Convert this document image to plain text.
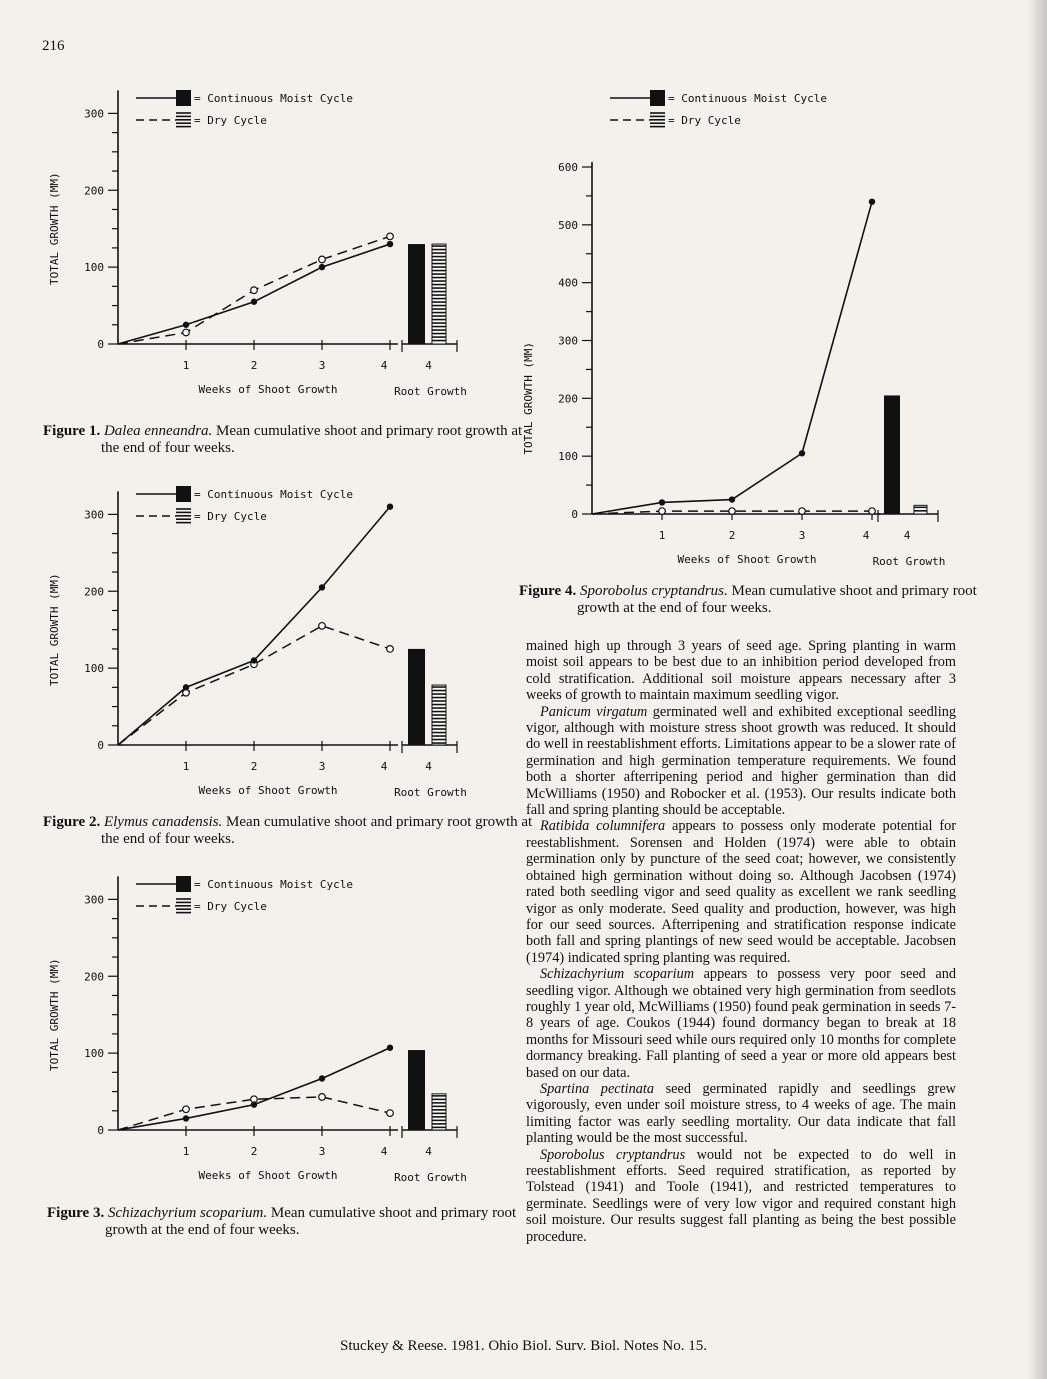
216
0
100
200
300
TOTAL GROWTH (MM)
1	2	3	4
Weeks of Shoot Growth
4
Root Growth
= Continuous Moist Cycle
= Dry Cycle
Figure 1. Dalea enneandra. Mean cumulative shoot and primary root growth at the end of four weeks.
0
100
200
300
TOTAL GROWTH (MM)
1	2	3	4
Weeks of Shoot Growth
4
Root Growth
= Continuous Moist Cycle
= Dry Cycle
Figure 2. Elymus canadensis. Mean cumulative shoot and primary root growth at the end of four weeks.
0
100
200
300
TOTAL GROWTH (MM)
1	2	3	4
Weeks of Shoot Growth
4
Root Growth
= Continuous Moist Cycle
= Dry Cycle
Figure 3. Schizachyrium scoparium. Mean cumulative shoot and primary root growth at the end of four weeks.
0
100
200
300
400
500
600
TOTAL GROWTH (MM)
1	2	3	4
Weeks of Shoot Growth
4
Root Growth
= Continuous Moist Cycle
= Dry Cycle
Figure 4. Sporobolus cryptandrus. Mean cumulative shoot and primary root growth at the end of four weeks.

mained high up through 3 years of seed age. Spring planting in warm moist soil appears to be best due to an inhibition period developed from cold stratification. Additional soil moisture appears necessary after 3 weeks of growth to maintain maximum seedling vigor.

Panicum virgatum germinated well and exhibited exceptional seedling vigor, although with moisture stress shoot growth was reduced. It should do well in reestablishment efforts. Limitations appear to be a slower rate of germination and high germination temperature requirements. We found both a shorter afterripening period and higher germination than did McWilliams (1950) and Robocker et al. (1953). Our results indicate both fall and spring planting should be acceptable.

Ratibida columnifera appears to possess only moderate potential for reestablishment. Sorensen and Holden (1974) were able to obtain germination only by puncture of the seed coat; however, we consistently obtained high germination without doing so. Although Jacobsen (1974) rated both seedling vigor and seed quality as excellent we rank seedling vigor as only moderate. Seed quality and production, however, was high for our seed sources. Afterripening and stratification response indicate both fall and spring plantings of new seed would be acceptable. Jacobsen (1974) indicated spring planting was required.

Schizachyrium scoparium appears to possess very poor seed and seedling vigor. Although we obtained very high germination from seedlots roughly 1 year old, McWilliams (1950) found peak germination in seeds 7-8 years of age. Coukos (1944) found dormancy began to break at 18 months for Missouri seed while ours required only 10 months for complete dormancy breaking. Fall planting of seed a year or more old appears best based on our data.

Spartina pectinata seed germinated rapidly and seedlings grew vigorously, even under soil moisture stress, to 4 weeks of age. The main limiting factor was early seedling mortality. Our data indicate that fall planting would be the most successful.

Sporobolus cryptandrus would not be expected to do well in reestablishment efforts. Seed required stratification, as reported by Tolstead (1941) and Toole (1941), and restricted temperatures to germinate. Seedlings were of very low vigor and required constant high soil moisture. Our results suggest fall planting as being the best possible procedure.

Stuckey & Reese. 1981. Ohio Biol. Surv. Biol. Notes No. 15.
